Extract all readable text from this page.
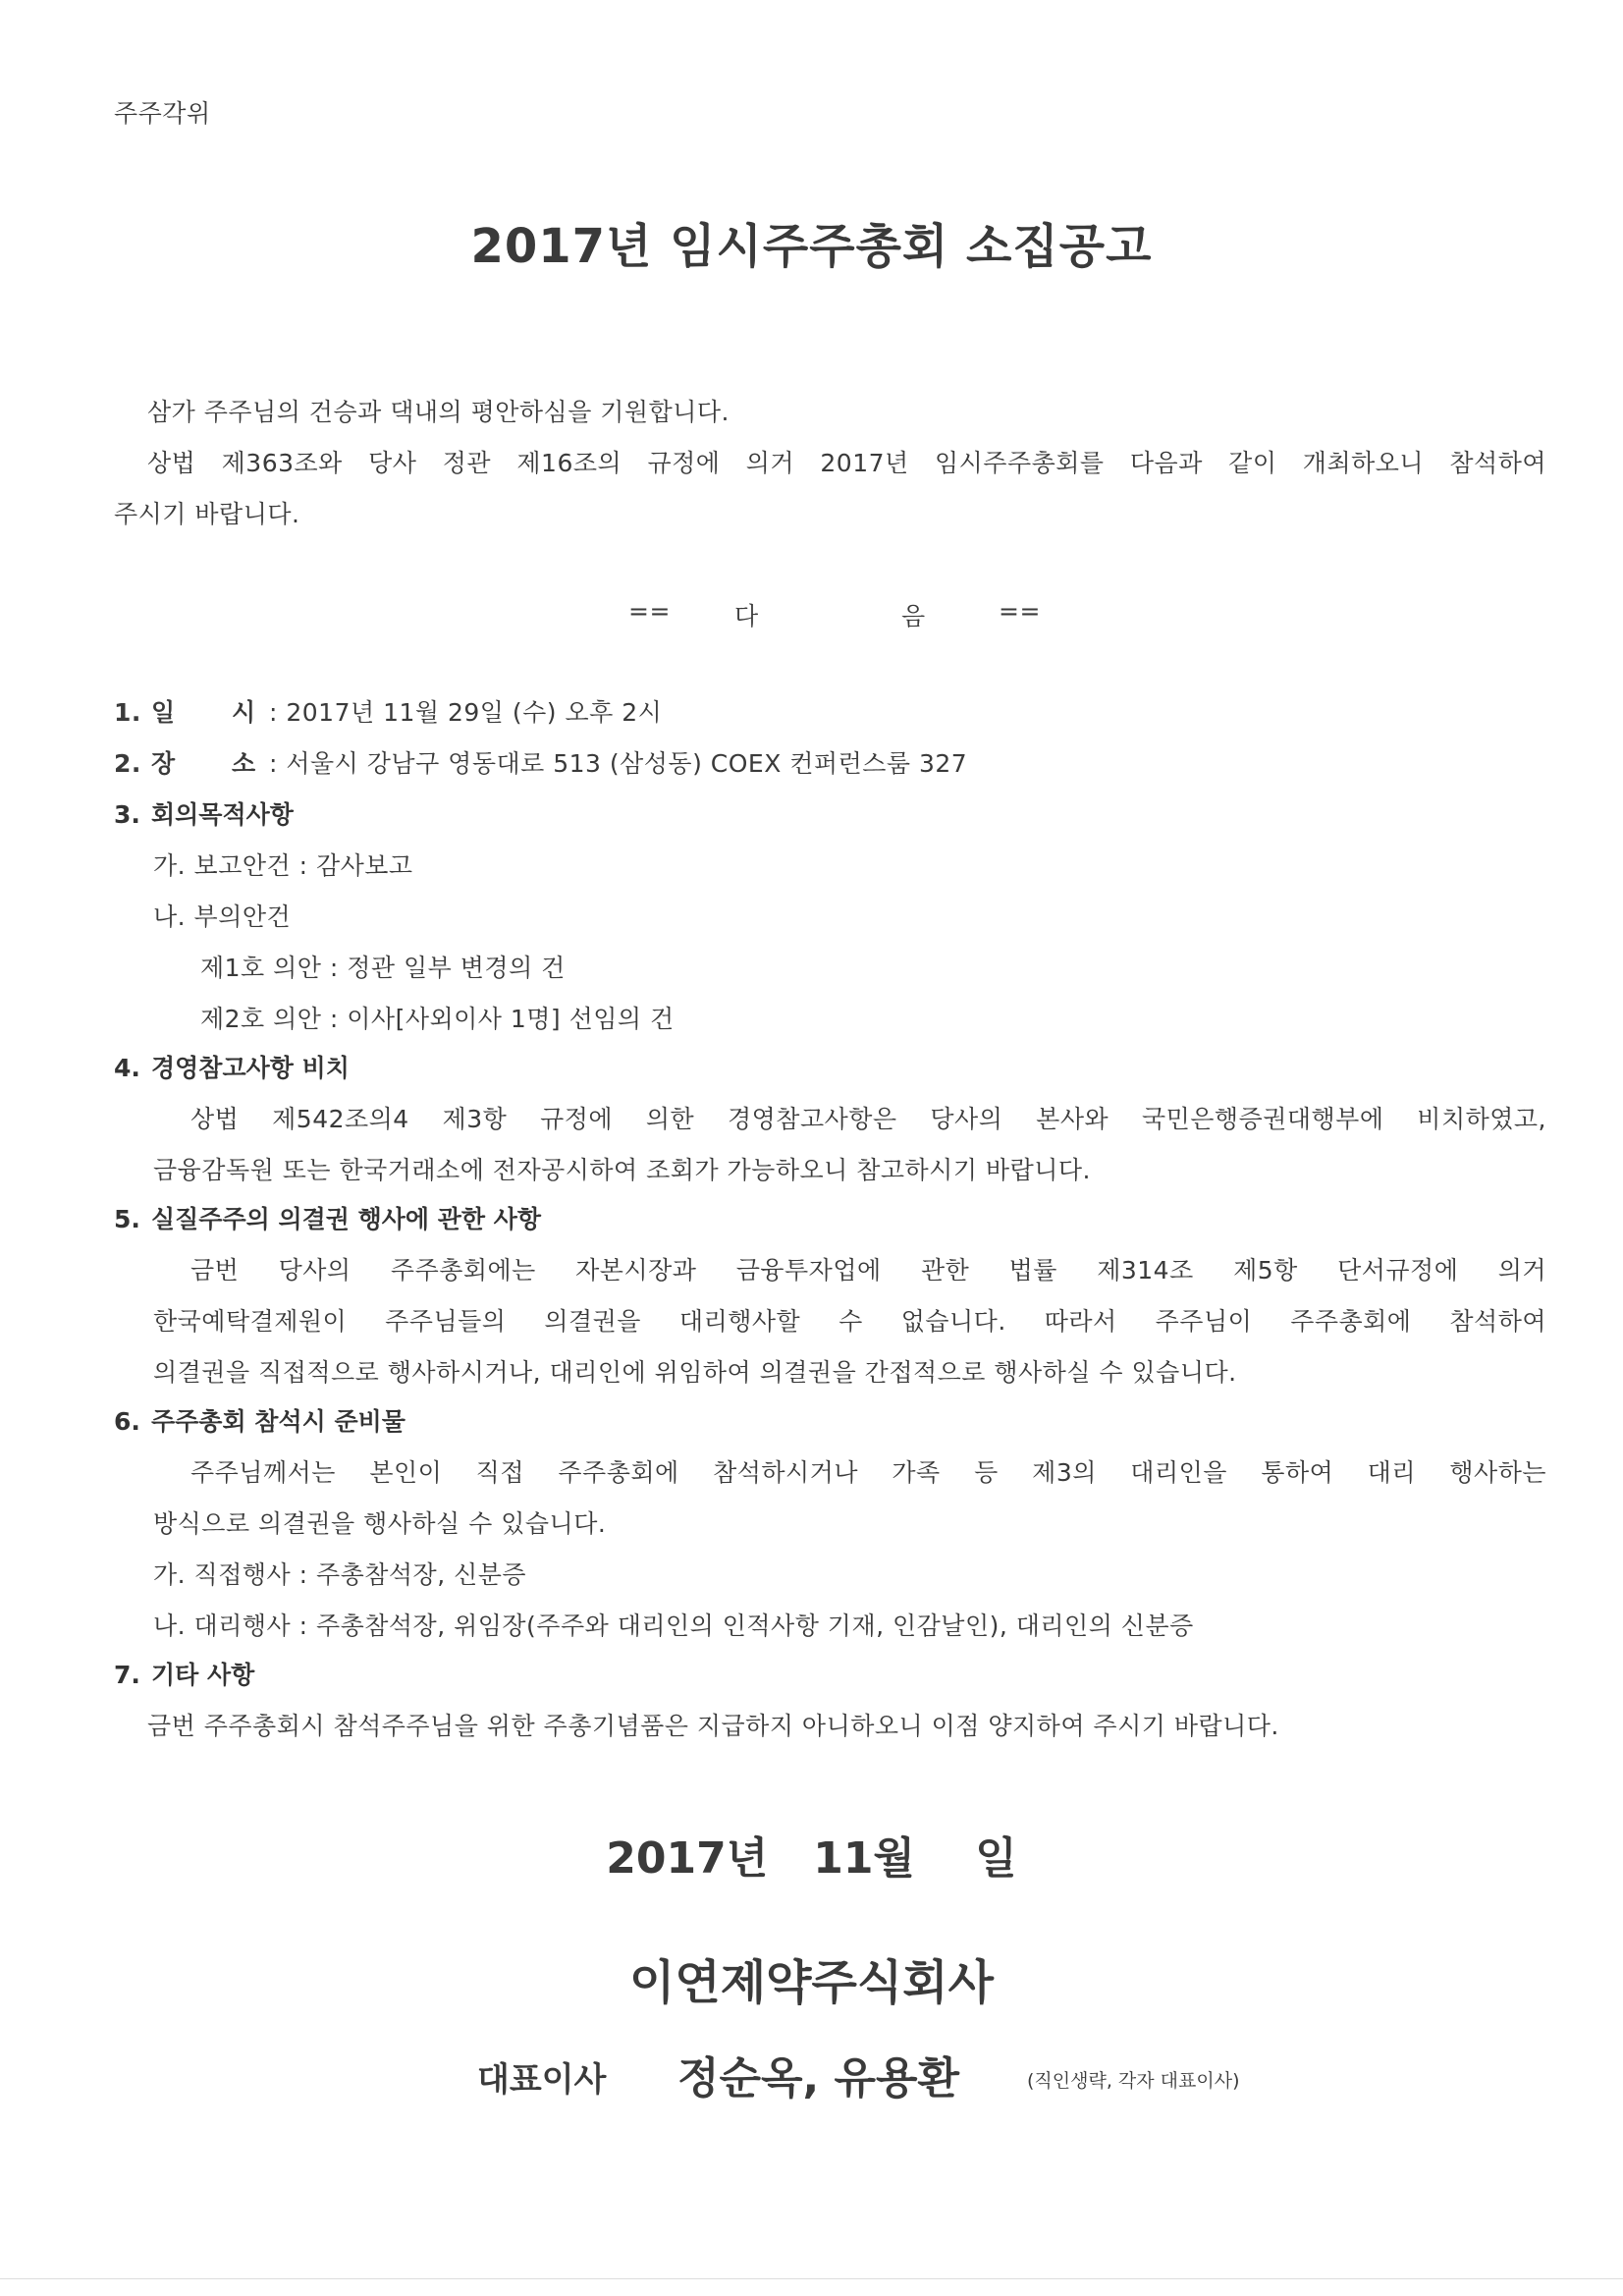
주주각위
2017년 임시주주총회 소집공고
삼가 주주님의 건승과 댁내의 평안하심을 기원합니다.
상법 제363조와 당사 정관 제16조의 규정에 의거 2017년 임시주주총회를 다음과 같이 개최하오니 참석하여
주시기 바랍니다.
==	다	음	==
1. 일 시 : 2017년 11월 29일 (수) 오후 2시
2. 장 소 : 서울시 강남구 영동대로 513 (삼성동) COEX 컨퍼런스룸 327
3. 회의목적사항
가. 보고안건 : 감사보고
나. 부의안건
제1호 의안 : 정관 일부 변경의 건
제2호 의안 : 이사[사외이사 1명] 선임의 건
4. 경영참고사항 비치
상법 제542조의4 제3항 규정에 의한 경영참고사항은 당사의 본사와 국민은행증권대행부에 비치하였고,
금융감독원 또는 한국거래소에 전자공시하여 조회가 가능하오니 참고하시기 바랍니다.
5. 실질주주의 의결권 행사에 관한 사항
금번 당사의 주주총회에는 자본시장과 금융투자업에 관한 법률 제314조 제5항 단서규정에 의거
한국예탁결제원이 주주님들의 의결권을 대리행사할 수 없습니다. 따라서 주주님이 주주총회에 참석하여
의결권을 직접적으로 행사하시거나, 대리인에 위임하여 의결권을 간접적으로 행사하실 수 있습니다.
6. 주주총회 참석시 준비물
주주님께서는 본인이 직접 주주총회에 참석하시거나 가족 등 제3의 대리인을 통하여 대리 행사하는
방식으로 의결권을 행사하실 수 있습니다.
가. 직접행사 : 주총참석장, 신분증
나. 대리행사 : 주총참석장, 위임장(주주와 대리인의 인적사항 기재, 인감날인), 대리인의 신분증
7. 기타 사항
금번 주주총회시 참석주주님을 위한 주총기념품은 지급하지 아니하오니 이점 양지하여 주시기 바랍니다.
2017년   11월    일
이연제약주식회사
대표이사 정순옥, 유용환	(직인생략, 각자 대표이사)
